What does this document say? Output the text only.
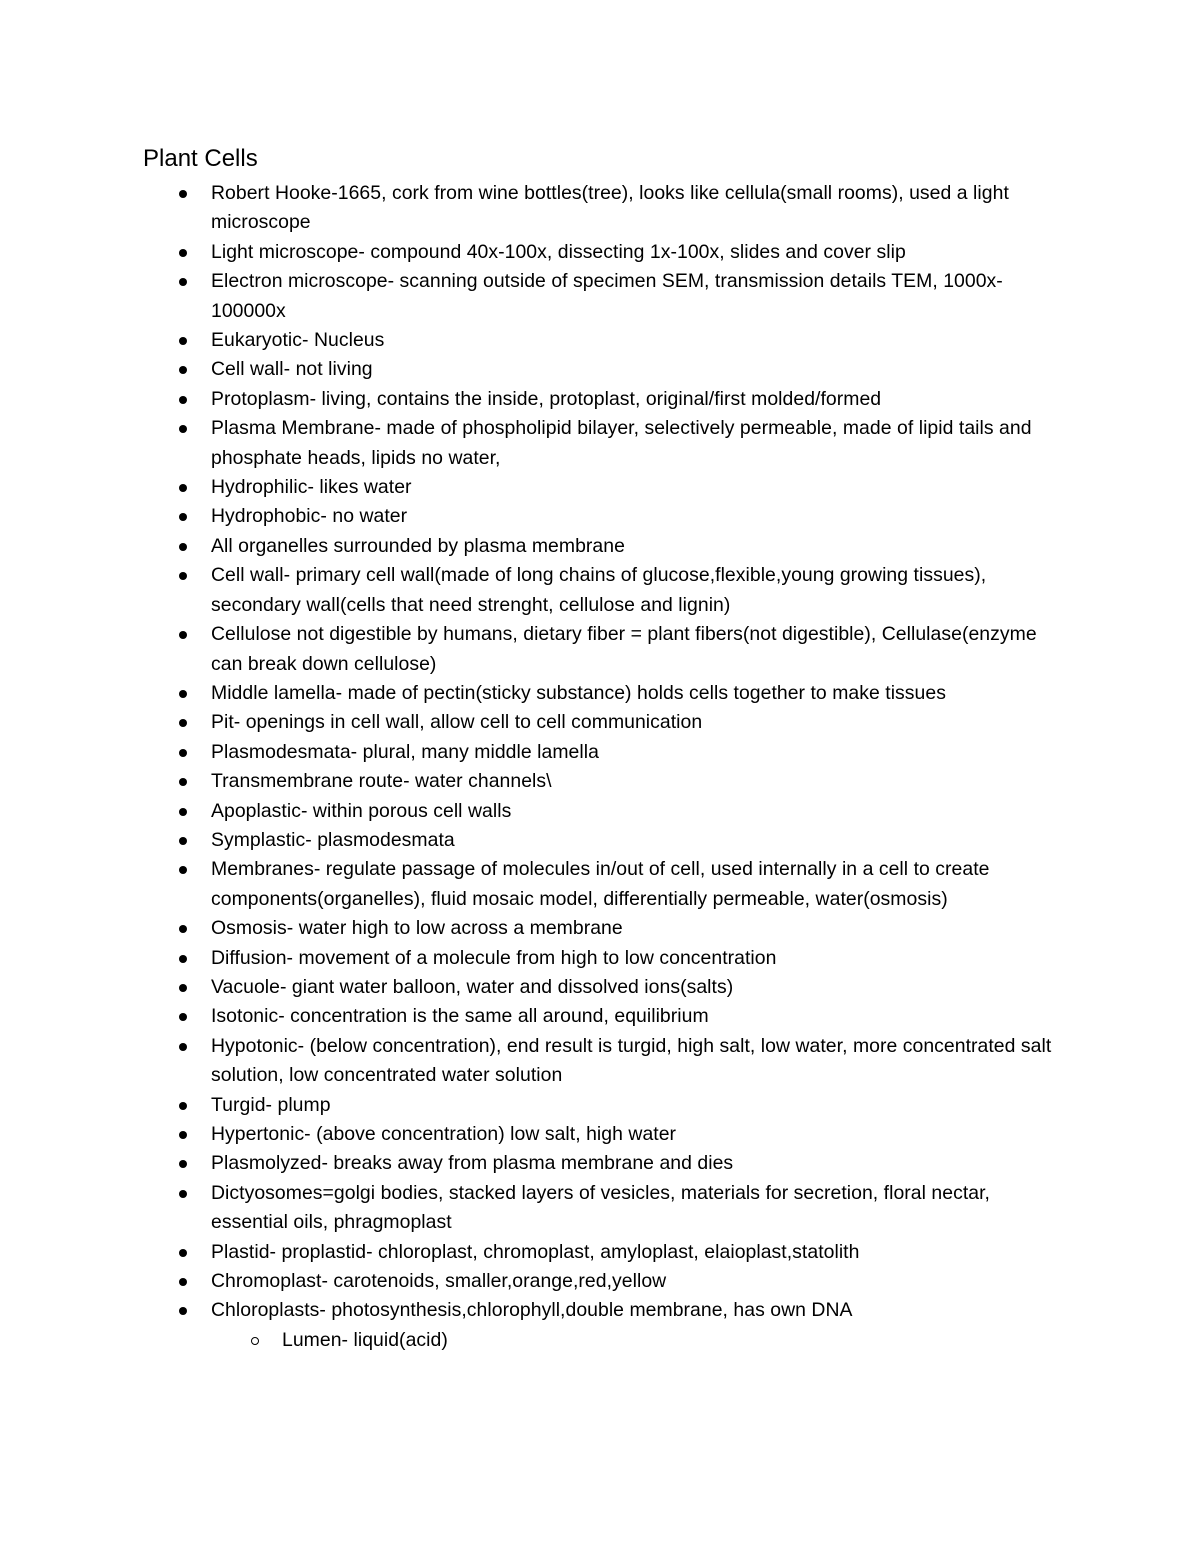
Plant Cells
Robert Hooke-1665, cork from wine bottles(tree), looks like cellula(small rooms), used a light microscope
Light microscope- compound 40x-100x, dissecting 1x-100x, slides and cover slip
Electron microscope- scanning outside of specimen SEM, transmission details TEM, 1000x-100000x
Eukaryotic- Nucleus
Cell wall- not living
Protoplasm- living, contains the inside, protoplast, original/first molded/formed
Plasma Membrane- made of phospholipid bilayer, selectively permeable, made of lipid tails and phosphate heads, lipids no water,
Hydrophilic- likes water
Hydrophobic- no water
All organelles surrounded by plasma membrane
Cell wall- primary cell wall(made of long chains of glucose,flexible,young growing tissues), secondary wall(cells that need strenght, cellulose and lignin)
Cellulose not digestible by humans, dietary fiber = plant fibers(not digestible), Cellulase(enzyme can break down cellulose)
Middle lamella- made of pectin(sticky substance) holds cells together to make tissues
Pit- openings in cell wall, allow cell to cell communication
Plasmodesmata- plural, many middle lamella
Transmembrane route- water channels\
Apoplastic- within porous cell walls
Symplastic- plasmodesmata
Membranes- regulate passage of molecules in/out of cell, used internally in a cell to create components(organelles), fluid mosaic model, differentially permeable, water(osmosis)
Osmosis- water high to low across a membrane
Diffusion- movement of a molecule from high to low concentration
Vacuole- giant water balloon, water and dissolved ions(salts)
Isotonic- concentration is the same all around, equilibrium
Hypotonic- (below concentration), end result is turgid, high salt, low water, more concentrated salt solution, low concentrated water solution
Turgid- plump
Hypertonic- (above concentration) low salt, high water
Plasmolyzed- breaks away from plasma membrane and dies
Dictyosomes=golgi bodies, stacked layers of vesicles, materials for secretion, floral nectar, essential oils, phragmoplast
Plastid- proplastid- chloroplast, chromoplast, amyloplast, elaioplast,statolith
Chromoplast- carotenoids, smaller,orange,red,yellow
Chloroplasts- photosynthesis,chlorophyll,double membrane, has own DNA
Lumen- liquid(acid)
